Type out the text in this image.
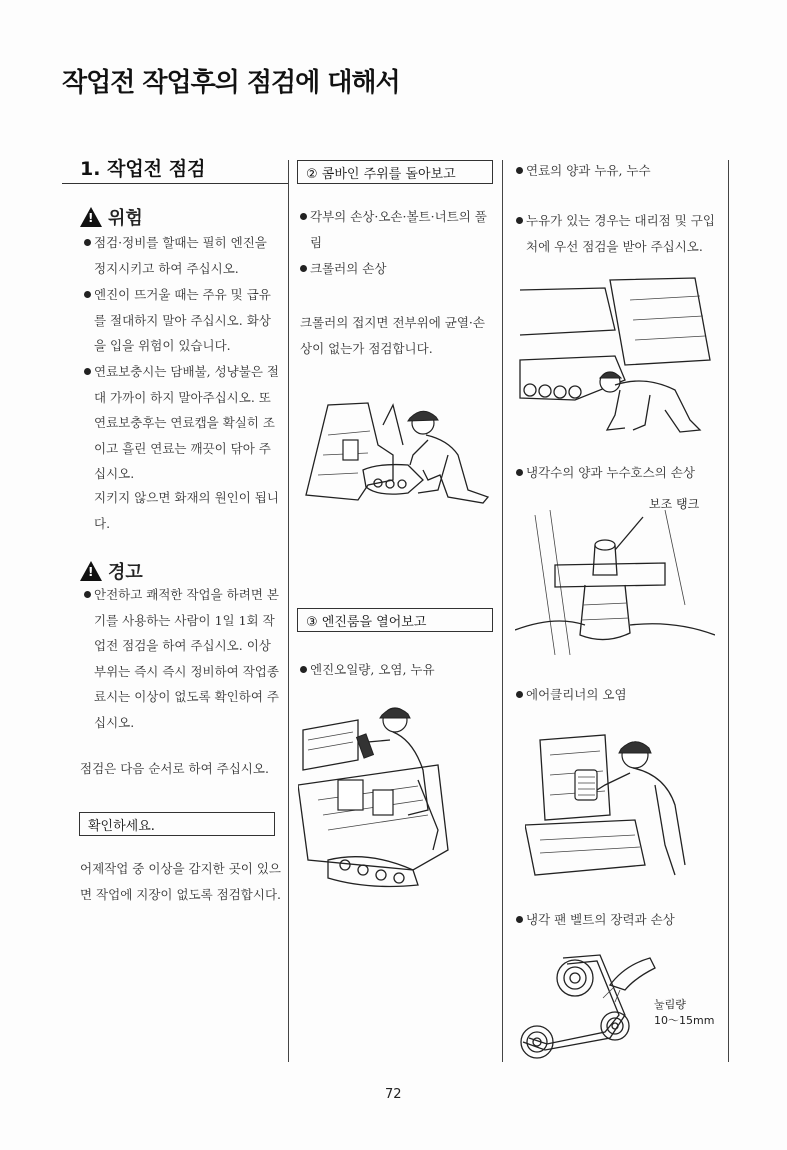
작업전 작업후의 점검에 대해서
1. 작업전 점검
! 위험
점검·정비를 할때는 필히 엔진을 정지시키고 하여 주십시오.
엔진이 뜨거울 때는 주유 및 급유를 절대하지 말아 주십시오. 화상을 입을 위험이 있습니다.
연료보충시는 담배불, 성냥불은 절대 가까이 하지 말아주십시오. 또 연료보충후는 연료캡을 확실히 조이고 흘린 연료는 깨끗이 닦아 주십시오.
지키지 않으면 화재의 원인이 됩니다.
! 경고
안전하고 쾌적한 작업을 하려면 본기를 사용하는 사람이 1일 1회 작업전 점검을 하여 주십시오. 이상 부위는 즉시 즉시 정비하여 작업종료시는 이상이 없도록 확인하여 주십시오.
점검은 다음 순서로 하여 주십시오.
확인하세요.
어제작업 중 이상을 감지한 곳이 있으면 작업에 지장이 없도록 점검합시다.
② 콤바인 주위를 돌아보고
각부의 손상·오손·볼트·너트의 풀림
크롤러의 손상
크롤러의 접지면 전부위에 균열·손상이 없는가 점검합니다.
③ 엔진룸을 열어보고
엔진오일량, 오염, 누유
연료의 양과 누유, 누수
누유가 있는 경우는 대리점 및 구입처에 우선 점검을 받아 주십시오.
냉각수의 양과 누수호스의 손상
보조 탱크
에어클리너의 오염
냉각 팬 벨트의 장력과 손상
눌림량
10～15mm
72
